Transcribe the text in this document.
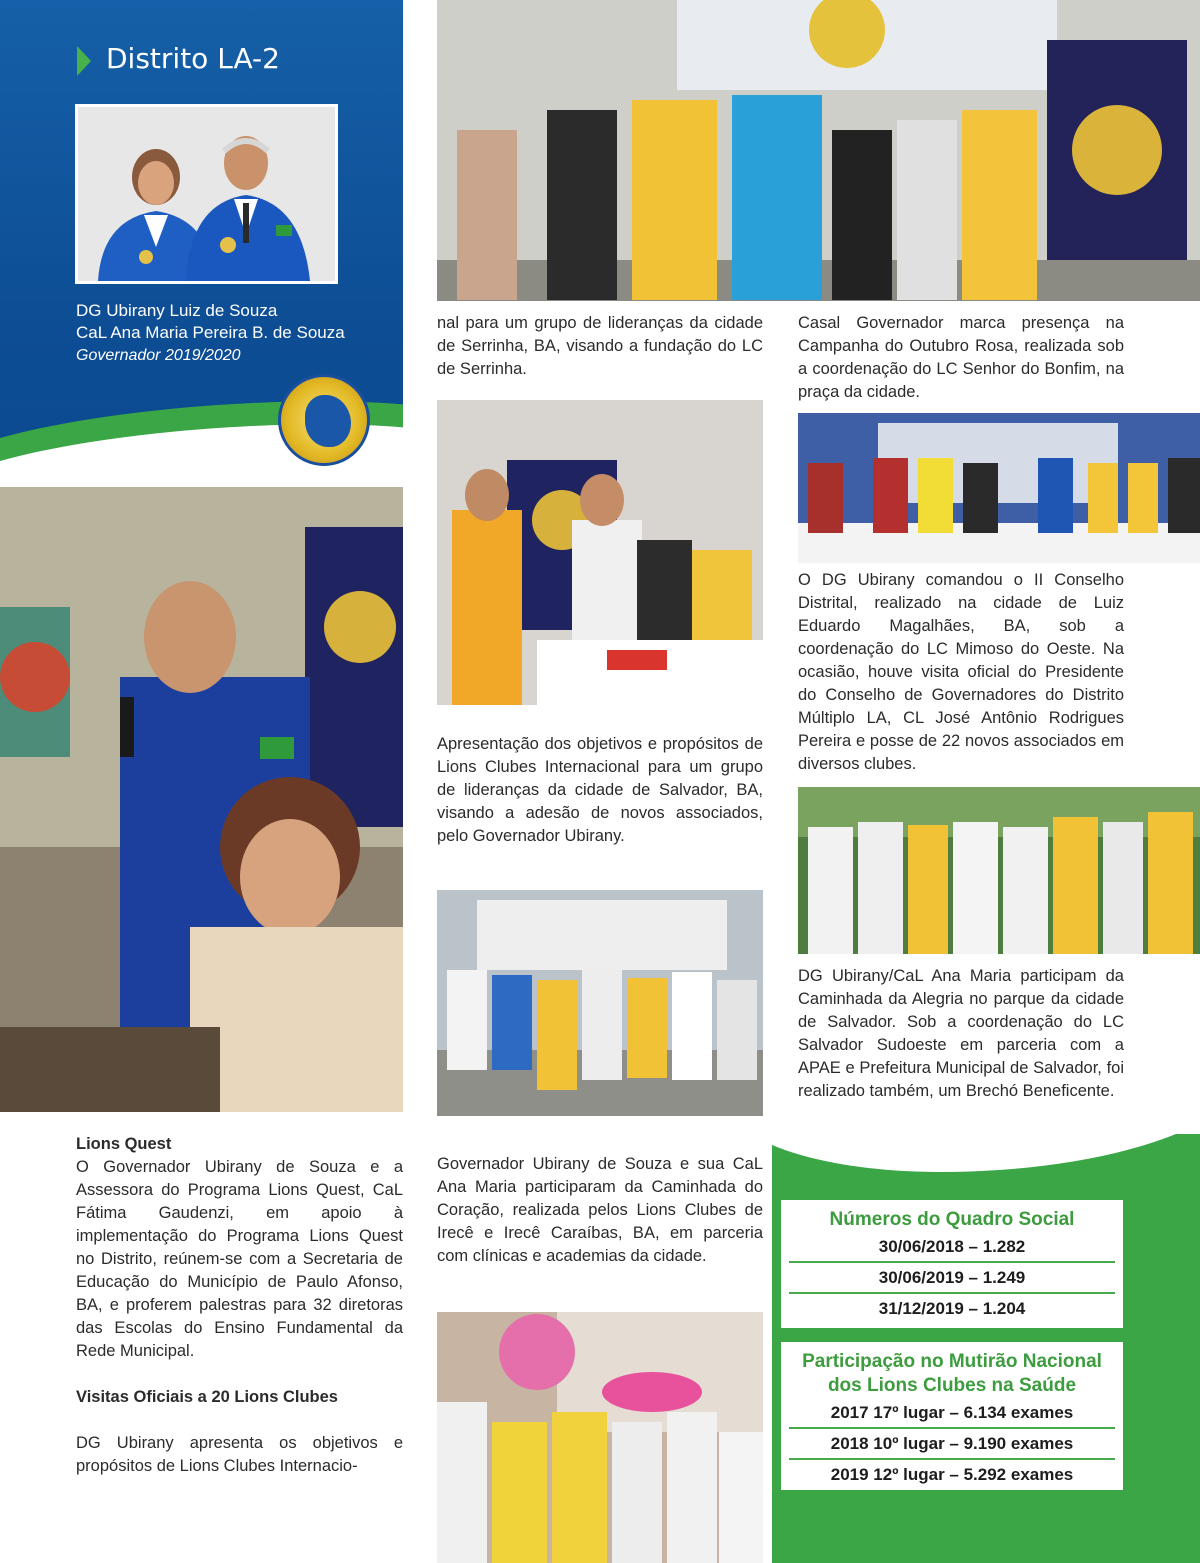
Distrito LA-2
DG Ubirany Luiz de Souza
CaL Ana Maria Pereira B. de Souza
Governador 2019/2020
Lions Quest
O Governador Ubirany de Souza e a Assessora do Programa Lions Quest, CaL Fátima Gaudenzi, em apoio à implementação do Programa Lions Quest no Distrito, reúnem-se com a Secretaria de Educação do Município de Paulo Afonso, BA, e proferem palestras para 32 diretoras das Escolas do Ensino Fundamental da Rede Municipal.
Visitas Oficiais a 20 Lions Clubes
DG Ubirany apresenta os objetivos e propósitos de Lions Clubes Internacio-
nal para um grupo de lideranças da cidade de Serrinha, BA, visando a fundação do LC de Serrinha.
Apresentação dos objetivos e propósitos de Lions Clubes Internacional para um grupo de lideranças da cidade de Salvador, BA, visando a adesão de novos associados, pelo Governador Ubirany.
Governador Ubirany de Souza e sua CaL Ana Maria participaram da Caminhada do Coração, realizada pelos Lions Clubes de Irecê e Irecê Caraíbas, BA, em parceria com clínicas e academias da cidade.
Casal Governador marca presença na Campanha do Outubro Rosa, realizada sob a coordenação do LC Senhor do Bonfim, na praça da cidade.
O DG Ubirany comandou o II Conselho Distrital, realizado na cidade de Luiz Eduardo Magalhães, BA, sob a coordenação do LC Mimoso do Oeste. Na ocasião, houve visita oficial do Presidente do Conselho de Governadores do Distrito Múltiplo LA, CL José Antônio Rodrigues Pereira e posse de 22 novos associados em diversos clubes.
DG Ubirany/CaL Ana Maria participam da Caminhada da Alegria no parque da cidade de Salvador. Sob a coordenação do LC Salvador Sudoeste em parceria com a APAE e Prefeitura Municipal de Salvador, foi realizado também, um Brechó Beneficente.
Números do Quadro Social
30/06/2018 – 1.282
30/06/2019 – 1.249
31/12/2019 – 1.204
Participação no Mutirão Nacional
dos Lions Clubes na Saúde
2017 17º lugar – 6.134 exames
2018 10º lugar – 9.190 exames
2019 12º lugar – 5.292 exames
